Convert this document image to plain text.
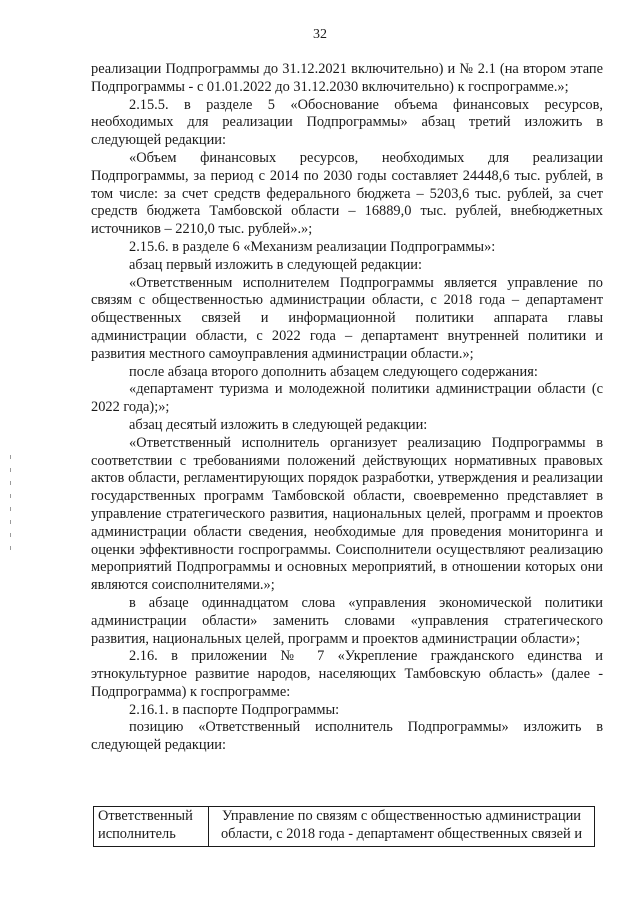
32

реализации Подпрограммы до 31.12.2021 включительно) и № 2.1 (на втором этапе Подпрограммы - с 01.01.2022 до 31.12.2030 включительно) к госпрограмме.»;

2.15.5. в разделе 5 «Обоснование объема финансовых ресурсов, необходимых для реализации Подпрограммы» абзац третий изложить в следующей редакции:

«Объем финансовых ресурсов, необходимых для реализации Подпрограммы, за период с 2014 по 2030 годы составляет 24448,6 тыс. рублей, в том числе: за счет средств федерального бюджета – 5203,6 тыс. рублей, за счет средств бюджета Тамбовской области – 16889,0 тыс. рублей, внебюджетных источников – 2210,0 тыс. рублей».»;

2.15.6. в разделе 6 «Механизм реализации Подпрограммы»:

абзац первый изложить в следующей редакции:

«Ответственным исполнителем Подпрограммы является управление по связям с общественностью администрации области, с 2018 года – департамент общественных связей и информационной политики аппарата главы администрации области, с 2022 года – департамент внутренней политики и развития местного самоуправления администрации области.»;

после абзаца второго дополнить абзацем следующего содержания:

«департамент туризма и молодежной политики администрации области (с 2022 года);»;

абзац десятый изложить в следующей редакции:

«Ответственный исполнитель организует реализацию Подпрограммы в соответствии с требованиями положений действующих нормативных правовых актов области, регламентирующих порядок разработки, утверждения и реализации государственных программ Тамбовской области, своевременно представляет в управление стратегического развития, национальных целей, программ и проектов администрации области сведения, необходимые для проведения мониторинга и оценки эффективности госпрограммы. Соисполнители осуществляют реализацию мероприятий Подпрограммы и основных мероприятий, в отношении которых они являются соисполнителями.»;

в абзаце одиннадцатом слова «управления экономической политики администрации области» заменить словами «управления стратегического развития, национальных целей, программ и проектов администрации области»;

2.16. в приложении № 7 «Укрепление гражданского единства и этнокультурное развитие народов, населяющих Тамбовскую область» (далее - Подпрограмма) к госпрограмме:

2.16.1. в паспорте Подпрограммы:

позицию «Ответственный исполнитель Подпрограммы» изложить в следующей редакции:

Ответственный исполнитель	Управление по связям с общественностью администрации области, с 2018 года - департамент общественных связей и
